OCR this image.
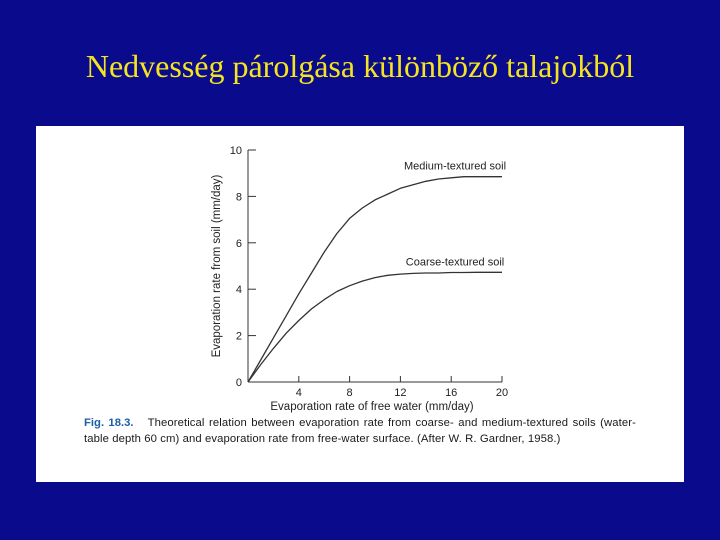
Nedvesség párolgása különböző talajokból
0
2
4
6
8
10
4	8	12	16	20
Evaporation rate of free water (mm/day)
Evaporation rate from soil (mm/day)
Medium-textured soil
Coarse-textured soil
Fig. 18.3. Theoretical relation between evaporation rate from coarse- and medium-textured soils (water-table depth 60 cm) and evaporation rate from free-water surface. (After W. R. Gardner, 1958.)
